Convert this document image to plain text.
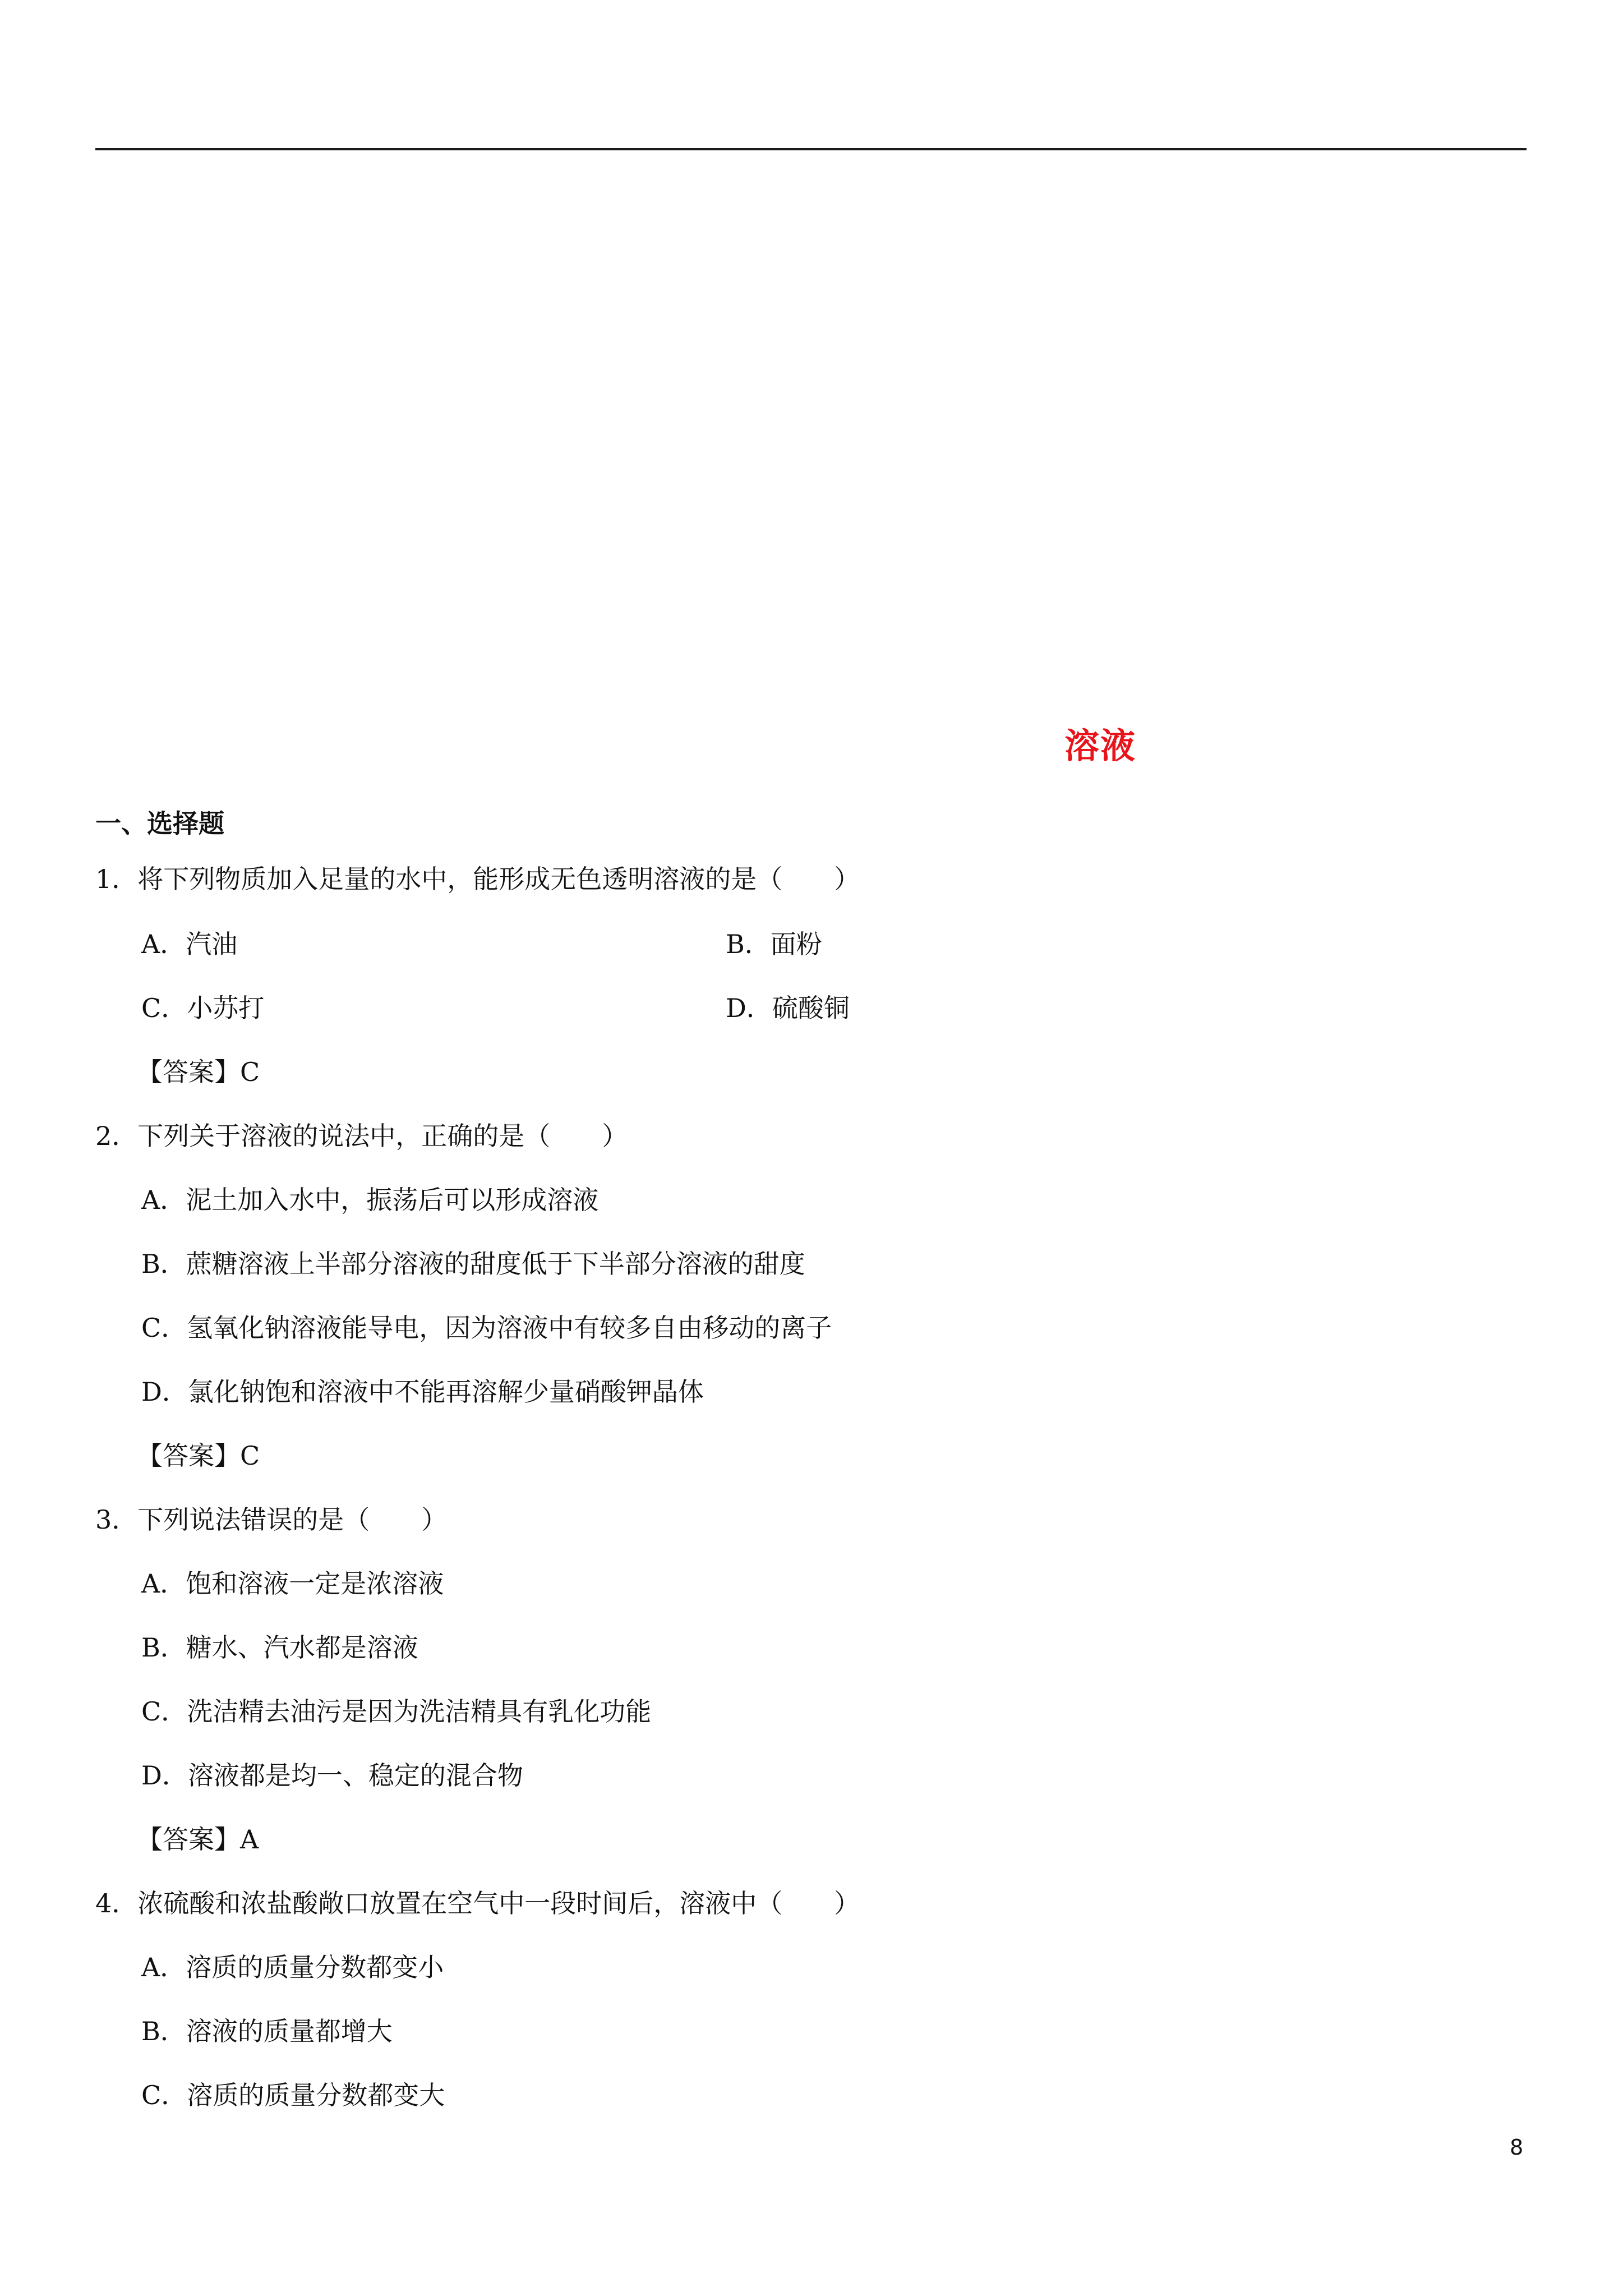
溶液
一、选择题
1．将下列物质加入足量的水中，能形成无色透明溶液的是（　　）
A．汽油	B．面粉
C．小苏打	D．硫酸铜
【答案】C
2．下列关于溶液的说法中，正确的是（　　）
A．泥土加入水中，振荡后可以形成溶液
B．蔗糖溶液上半部分溶液的甜度低于下半部分溶液的甜度
C．氢氧化钠溶液能导电，因为溶液中有较多自由移动的离子
D．氯化钠饱和溶液中不能再溶解少量硝酸钾晶体
【答案】C
3．下列说法错误的是（　　）
A．饱和溶液一定是浓溶液
B．糖水、汽水都是溶液
C．洗洁精去油污是因为洗洁精具有乳化功能
D．溶液都是均一、稳定的混合物
【答案】A
4．浓硫酸和浓盐酸敞口放置在空气中一段时间后，溶液中（　　）
A．溶质的质量分数都变小
B．溶液的质量都增大
C．溶质的质量分数都变大
8
